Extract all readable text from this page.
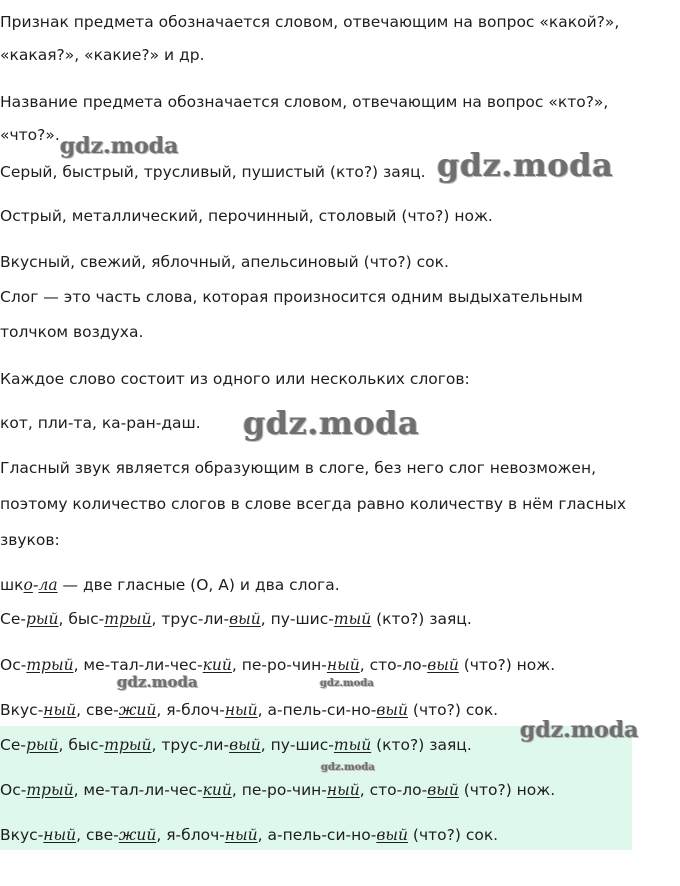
Признак предмета обозначается словом, отвечающим на вопрос «какой?»,
«какая?», «какие?» и др.
Название предмета обозначается словом, отвечающим на вопрос «кто?»,
«что?».
Серый, быстрый, трусливый, пушистый (кто?) заяц.
Острый, металлический, перочинный, столовый (что?) нож.
Вкусный, свежий, яблочный, апельсиновый (что?) сок.
Слог — это часть слова, которая произносится одним выдыхательным
толчком воздуха.
Каждое слово состоит из одного или нескольких слогов:
кот, пли-та, ка-ран-даш.
Гласный звук является образующим в слоге, без него слог невозможен,
поэтому количество слогов в слове всегда равно количеству в нём гласных
звуков:
шко-ла — две гласные (О, А) и два слога.
Се-рый, быс-трый, трус-ли-вый, пу-шис-тый (кто?) заяц.
Ос-трый, ме-тал-ли-чес-кий, пе-ро-чин-ный, сто-ло-вый (что?) нож.
Вкус-ный, све-жий, я-блоч-ный, а-пель-си-но-вый (что?) сок.
Се-рый, быс-трый, трус-ли-вый, пу-шис-тый (кто?) заяц.
Ос-трый, ме-тал-ли-чес-кий, пе-ро-чин-ный, сто-ло-вый (что?) нож.
Вкус-ный, све-жий, я-блоч-ный, а-пель-си-но-вый (что?) сок.
gdz.moda	gdz.moda
gdz.moda
gdz.moda	gdz.moda
gdz.moda
gdz.moda
